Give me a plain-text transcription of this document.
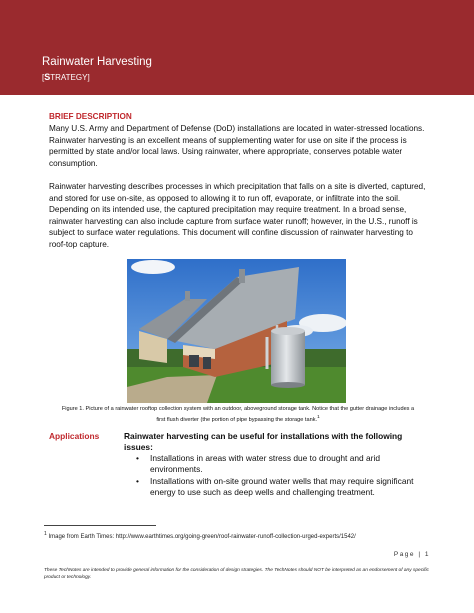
Rainwater Harvesting
[STRATEGY]
BRIEF DESCRIPTION
Many U.S. Army and Department of Defense (DoD) installations are located in water-stressed locations. Rainwater harvesting is an excellent means of supplementing water for use on site if the process is permitted by state and/or local laws. Using rainwater, where appropriate, conserves potable water consumption.
Rainwater harvesting describes processes in which precipitation that falls on a site is diverted, captured, and stored for use on-site, as opposed to allowing it to run off, evaporate, or infiltrate into the soil. Depending on its intended use, the captured precipitation may require treatment. In a broad sense, rainwater harvesting can also include capture from surface water runoff; however, in the U.S., runoff is subject to surface water regulations. This document will confine discussion of rainwater harvesting to roof-top capture.
Figure 1. Picture of a rainwater rooftop collection system with an outdoor, aboveground storage tank. Notice that the gutter drainage includes a first flush diverter (the portion of pipe bypassing the storage tank.$^1$
Applications	Rainwater harvesting can be useful for installations with the following issues:
• Installations in areas with water stress due to drought and arid environments.
• Installations with on-site ground water wells that may require significant energy to use such as deep wells and challenging treatment.
$^1$ Image from Earth Times: http://www.earthtimes.org/going-green/roof-rainwater-runoff-collection-urged-experts/1542/
Page | 1
These TechNotes are intended to provide general information for the consideration of design strategies. The TechNotes should NOT be interpreted as an endorsement of any specific product or technology.
